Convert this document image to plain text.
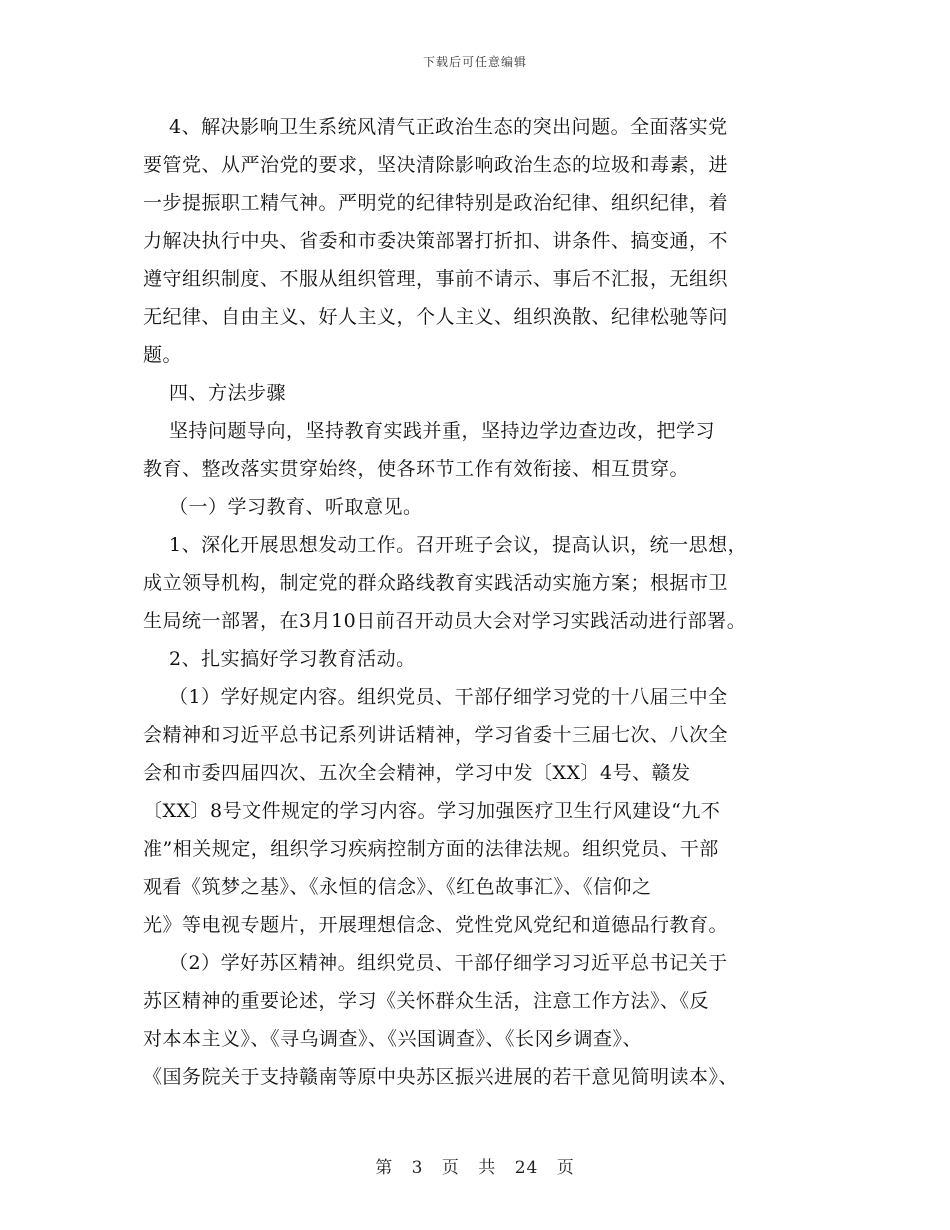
下载后可任意编辑
　 4、解决影响卫生系统风清气正政治生态的突出问题。全面落实党
要管党、从严治党的要求，坚决清除影响政治生态的垃圾和毒素，进
一步提振职工精气神。严明党的纪律特别是政治纪律、组织纪律，着
力解决执行中央、省委和市委决策部署打折扣、讲条件、搞变通，不
遵守组织制度、不服从组织管理，事前不请示、事后不汇报，无组织
无纪律、自由主义、好人主义，个人主义、组织涣散、纪律松驰等问
题。
　 四、方法步骤
　 坚持问题导向，坚持教育实践并重，坚持边学边查边改，把学习
教育、整改落实贯穿始终，使各环节工作有效衔接、相互贯穿。
　 （一）学习教育、听取意见。
　 1、深化开展思想发动工作。召开班子会议，提高认识，统一思想，
成立领导机构，制定党的群众路线教育实践活动实施方案；根据市卫
生局统一部署，在3月10日前召开动员大会对学习实践活动进行部署。
　 2、扎实搞好学习教育活动。
　 （1）学好规定内容。组织党员、干部仔细学习党的十八届三中全
会精神和习近平总书记系列讲话精神，学习省委十三届七次、八次全
会和市委四届四次、五次全会精神，学习中发〔XX〕4号、赣发
〔XX〕8号文件规定的学习内容。学习加强医疗卫生行风建设“九不
准”相关规定，组织学习疾病控制方面的法律法规。组织党员、干部
观看《筑梦之基》、《永恒的信念》、《红色故事汇》、《信仰之
光》等电视专题片，开展理想信念、党性党风党纪和道德品行教育。
　 （2）学好苏区精神。组织党员、干部仔细学习习近平总书记关于
苏区精神的重要论述，学习《关怀群众生活，注意工作方法》、《反
对本本主义》、《寻乌调查》、《兴国调查》、《长冈乡调查》、
《国务院关于支持赣南等原中央苏区振兴进展的若干意见简明读本》、
第 3 页 共 24 页
